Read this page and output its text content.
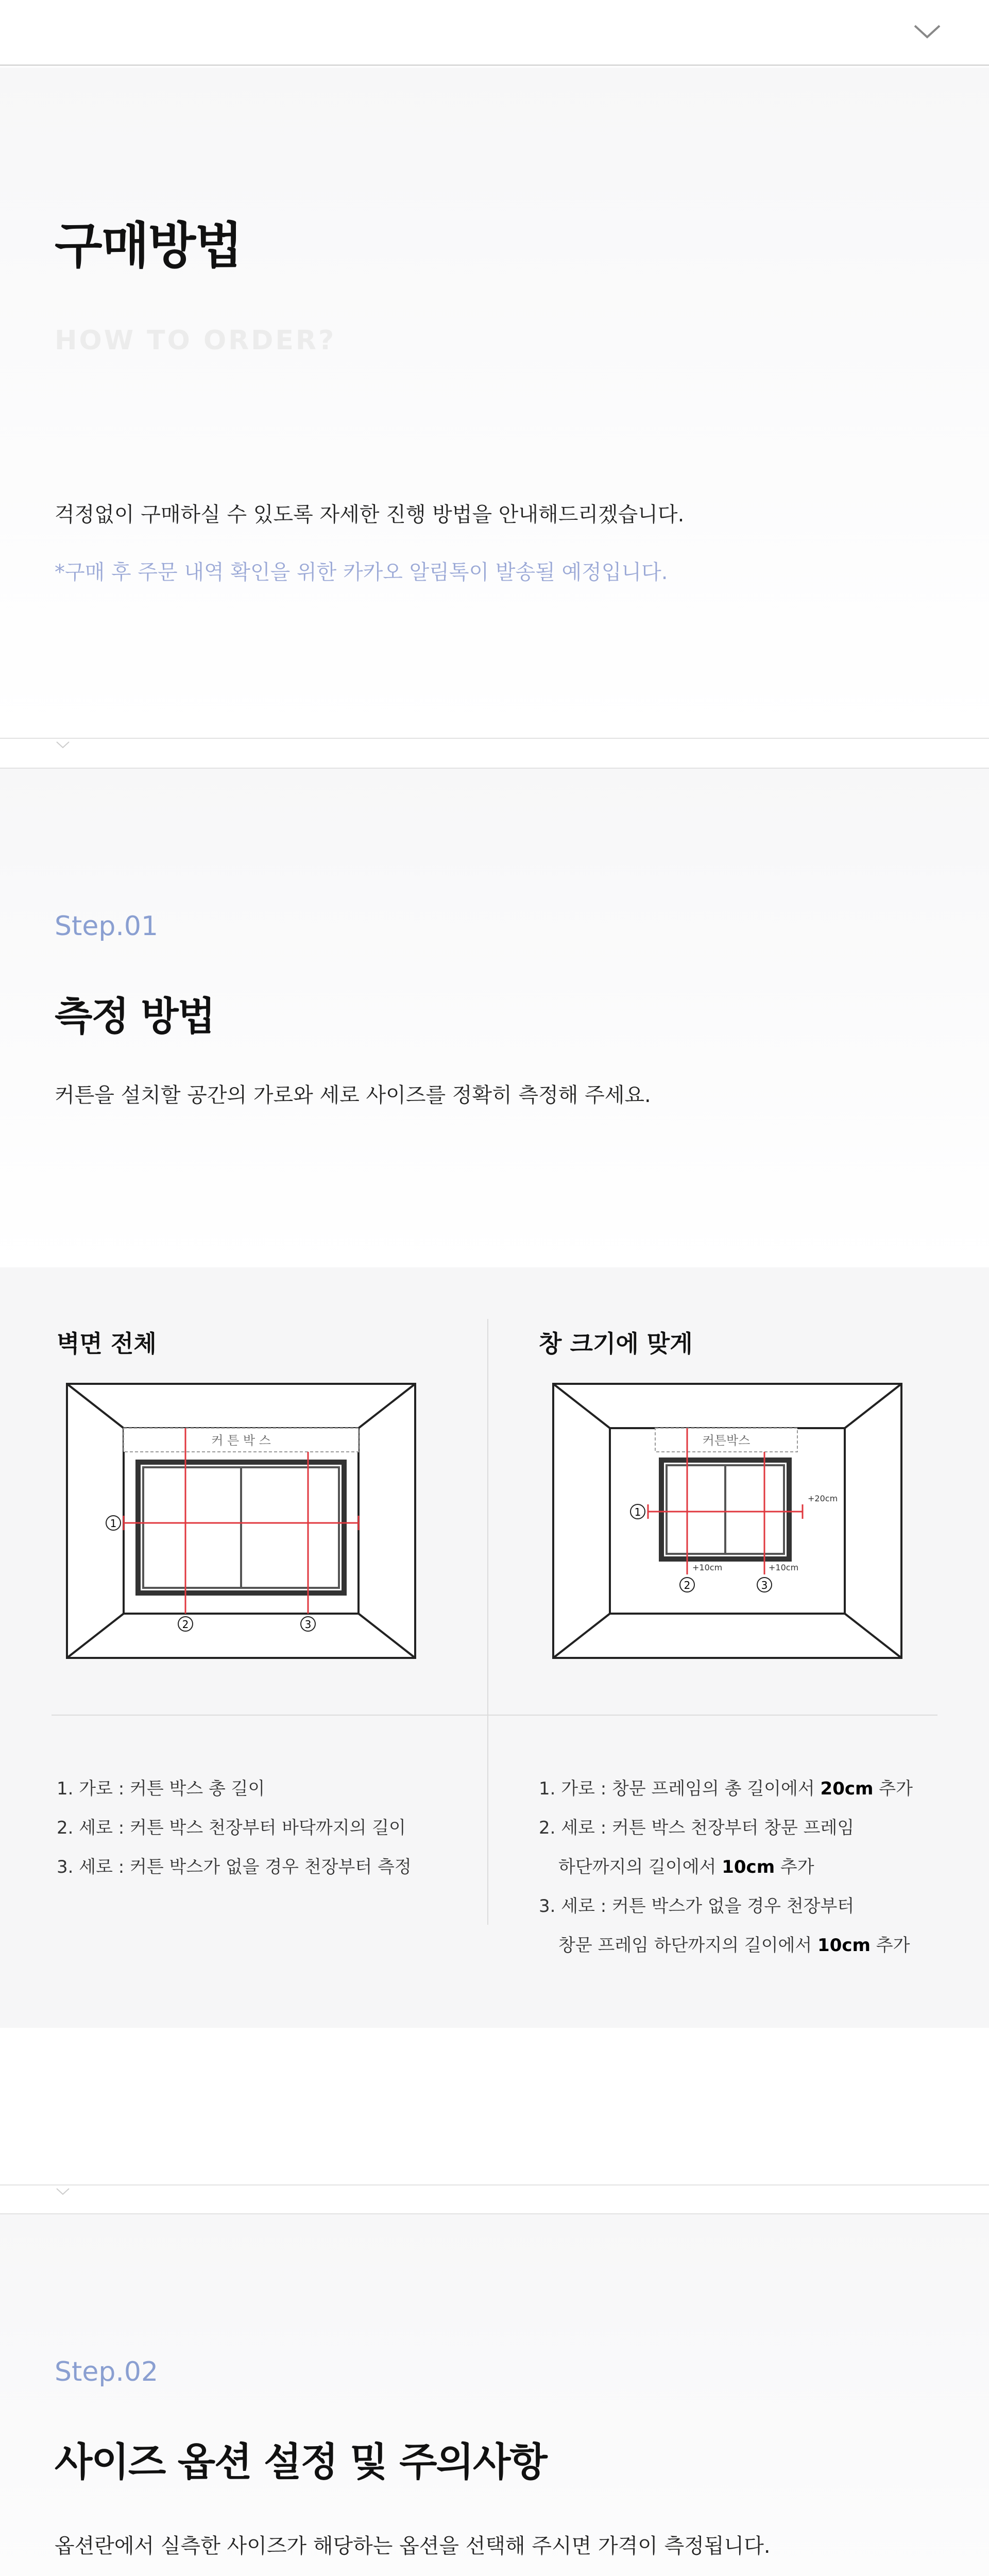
구매방법
HOW TO ORDER?
걱정없이 구매하실 수 있도록 자세한 진행 방법을 안내해드리겠습니다.
*구매 후 주문 내역 확인을 위한 카카오 알림톡이 발송될 예정입니다.
Step.01
측정 방법
커튼을 설치할 공간의 가로와 세로 사이즈를 정확히 측정해 주세요.
벽면 전체	창 크기에 맞게
커 튼 박 스
1
2	3
커튼박스
+20cm
+10cm	+10cm
1
2	3
1. 가로 : 커튼 박스 총 길이
2. 세로 : 커튼 박스 천장부터 바닥까지의 길이
3. 세로 : 커튼 박스가 없을 경우 천장부터 측정
1. 가로 : 창문 프레임의 총 길이에서 20cm 추가
2. 세로 : 커튼 박스 천장부터 창문 프레임
하단까지의 길이에서 10cm 추가
3. 세로 : 커튼 박스가 없을 경우 천장부터
창문 프레임 하단까지의 길이에서 10cm 추가
Step.02
사이즈 옵션 설정 및 주의사항
옵션란에서 실측한 사이즈가 해당하는 옵션을 선택해 주시면 가격이 측정됩니다.
